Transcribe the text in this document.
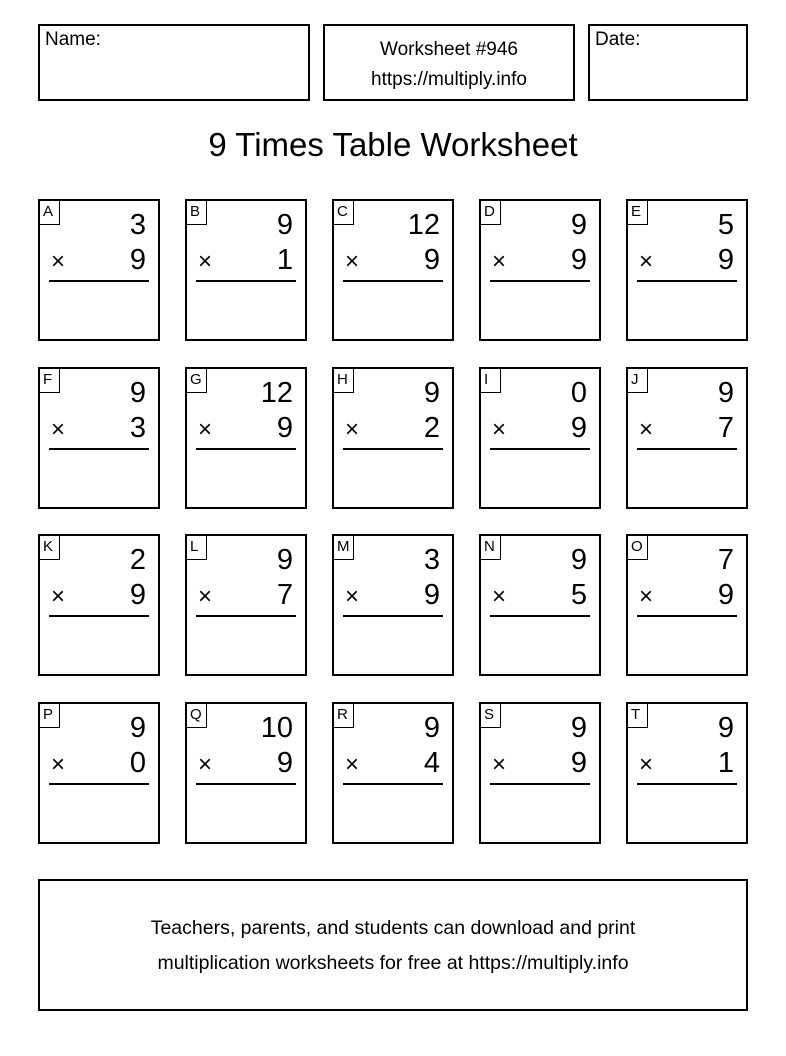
Name:	Worksheet #946
https://multiply.info
Date:
9 Times Table Worksheet
A	3
× 9
B	9
× 1
C 12
× 9
D	9
× 9
E	5
× 9
F	9
× 3
G 12
× 9
H	9
× 2
I	0
× 9
J	9
× 7
K	2
× 9
L	9
× 7
M	3
× 9
N	9
× 5
O	7
× 9
P	9
× 0
Q 10
× 9
R	9
× 4
S	9
× 9
T	9
× 1
Teachers, parents, and students can download and print
multiplication worksheets for free at https://multiply.info
